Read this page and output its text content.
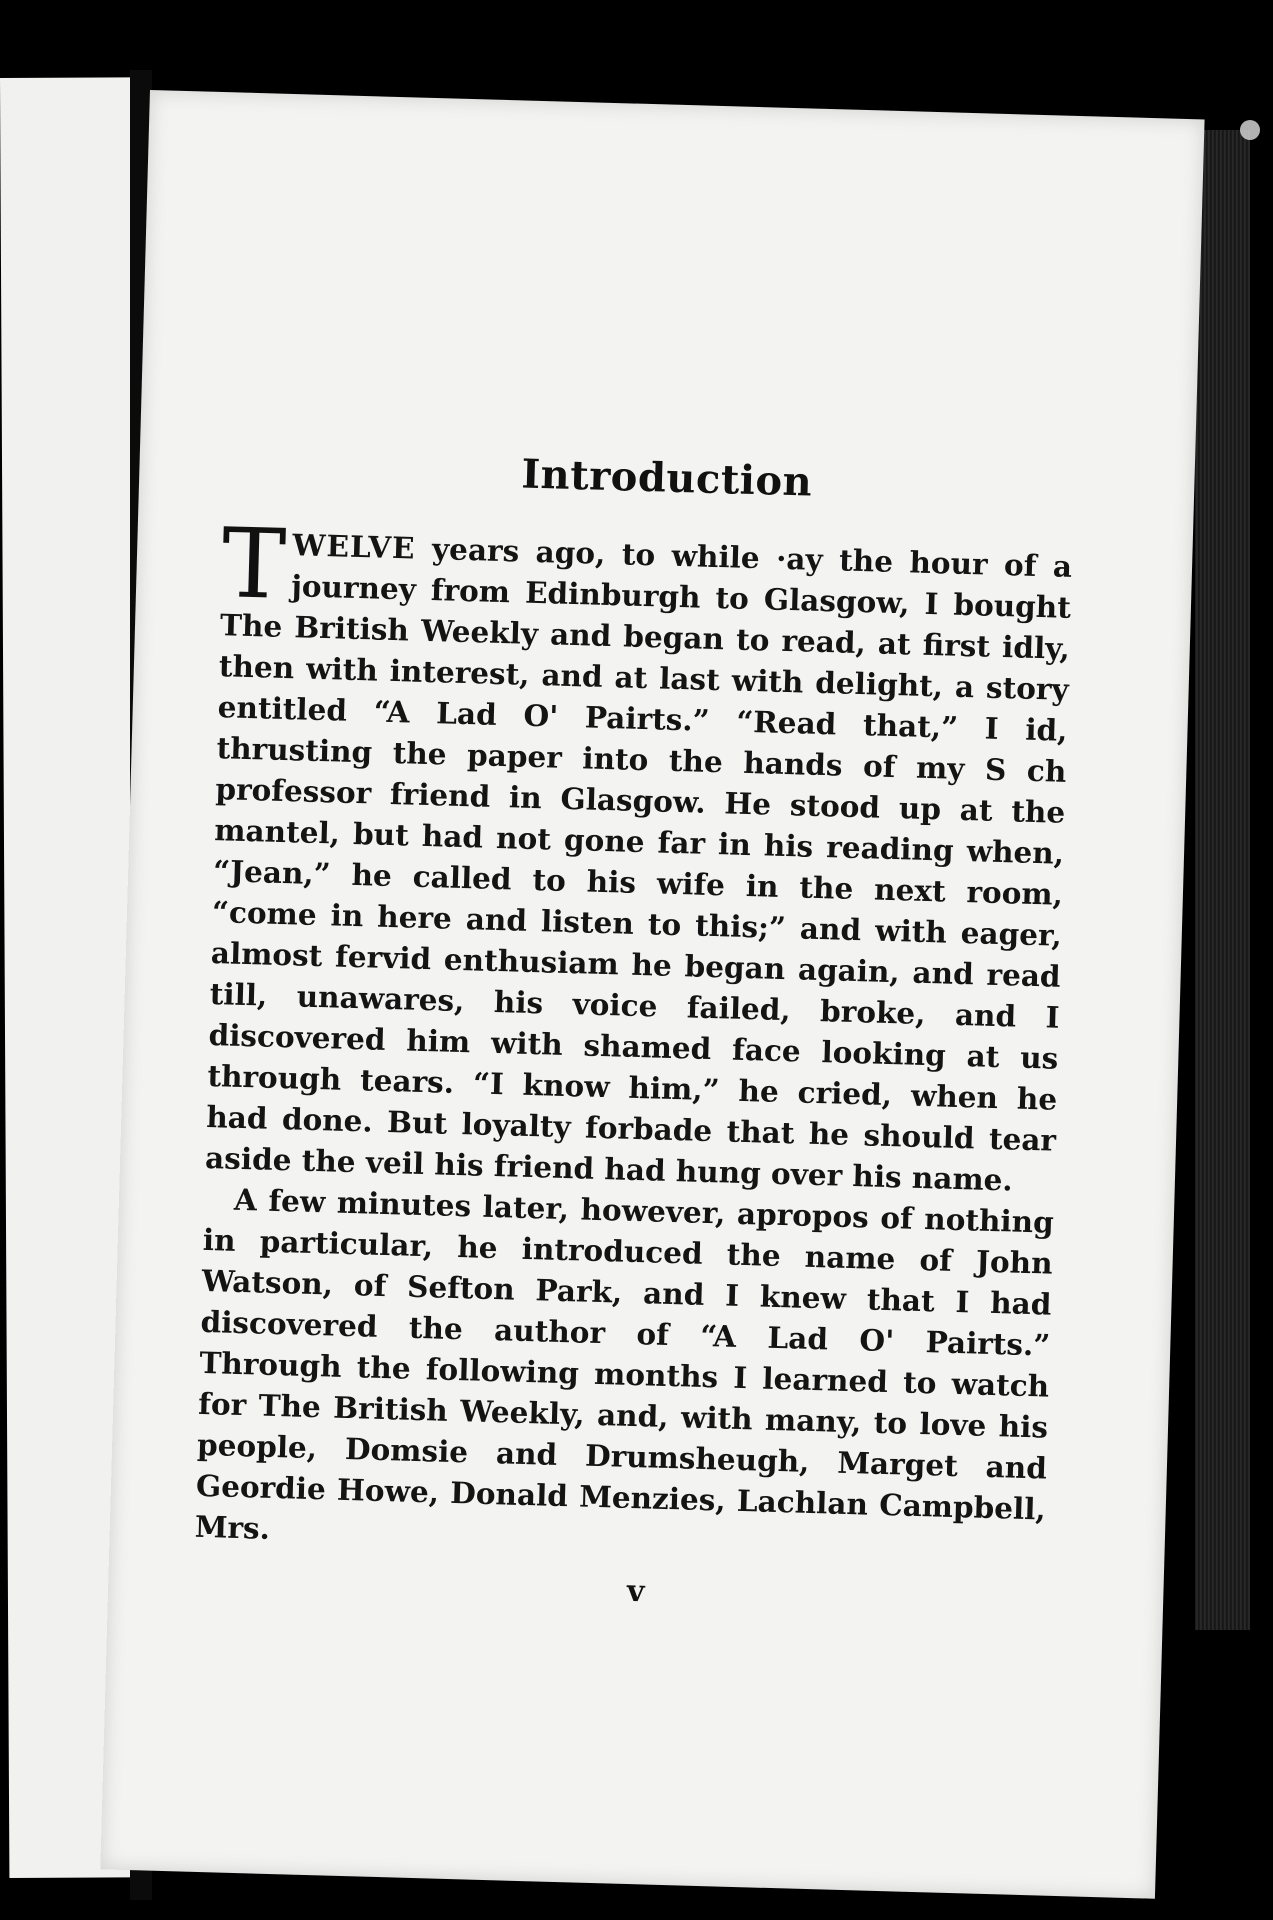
Introduction

T WELVE years ago, to while ·ay the hour of a journey from Edinburgh to Glasgow, I bought The British Weekly and began to read, at first idly, then with interest, and at last with delight, a story entitled “A Lad O' Pairts.” “Read that,” I id, thrusting the paper into the hands of my S ch professor friend in Glasgow. He stood up at the mantel, but had not gone far in his reading when, “Jean,” he called to his wife in the next room, “come in here and listen to this;” and with eager, almost fervid enthusiam he began again, and read till, unawares, his voice failed, broke, and I discovered him with shamed face looking at us through tears. “I know him,” he cried, when he had done. But loyalty forbade that he should tear aside the veil his friend had hung over his name.

A few minutes later, however, apropos of nothing in particular, he introduced the name of John Watson, of Sefton Park, and I knew that I had discovered the author of “A Lad O' Pairts.” Through the following months I learned to watch for The British Weekly, and, with many, to love his people, Domsie and Drumsheugh, Marget and Geordie Howe, Donald Menzies, Lachlan Campbell, Mrs.

v
